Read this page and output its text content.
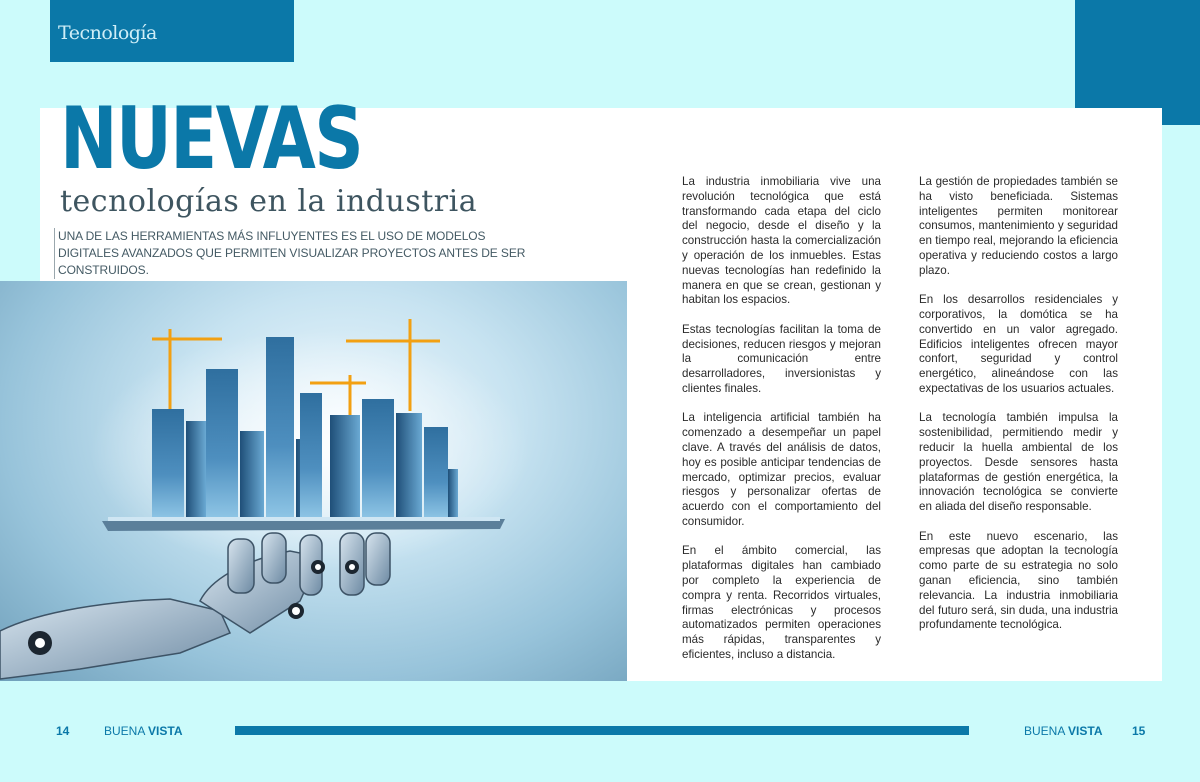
Tecnología
NUEVAS
tecnologías en la industria
UNA DE LAS HERRAMIENTAS MÁS INFLUYENTES ES EL USO DE MODELOS DIGITALES AVANZADOS QUE PERMITEN VISUALIZAR PROYECTOS ANTES DE SER CONSTRUIDOS.

La industria inmobiliaria vive una revolución tecnológica que está transformando cada etapa del ciclo del negocio, desde el diseño y la construcción hasta la comercialización y operación de los inmuebles. Estas nuevas tecnologías han redefinido la manera en que se crean, gestionan y habitan los espacios.

Estas tecnologías facilitan la toma de decisiones, reducen riesgos y mejoran la comunicación entre desarrolladores, inversionistas y clientes finales.

La inteligencia artificial también ha comenzado a desempeñar un papel clave. A través del análisis de datos, hoy es posible anticipar tendencias de mercado, optimizar precios, evaluar riesgos y personalizar ofertas de acuerdo con el comportamiento del consumidor.

En el ámbito comercial, las plataformas digitales han cambiado por completo la experiencia de compra y renta. Recorridos virtuales, firmas electrónicas y procesos automatizados permiten operaciones más rápidas, transparentes y eficientes, incluso a distancia.

La gestión de propiedades también se ha visto beneficiada. Sistemas inteligentes permiten monitorear consumos, mantenimiento y seguridad en tiempo real, mejorando la eficiencia operativa y reduciendo costos a largo plazo.

En los desarrollos residenciales y corporativos, la domótica se ha convertido en un valor agregado. Edificios inteligentes ofrecen mayor confort, seguridad y control energético, alineándose con las expectativas de los usuarios actuales.

La tecnología también impulsa la sostenibilidad, permitiendo medir y reducir la huella ambiental de los proyectos. Desde sensores hasta plataformas de gestión energética, la innovación tecnológica se convierte en aliada del diseño responsable.

En este nuevo escenario, las empresas que adoptan la tecnología como parte de su estrategia no solo ganan eficiencia, sino también relevancia. La industria inmobiliaria del futuro será, sin duda, una industria profundamente tecnológica.

14	BUENA VISTA	BUENA VISTA 15
